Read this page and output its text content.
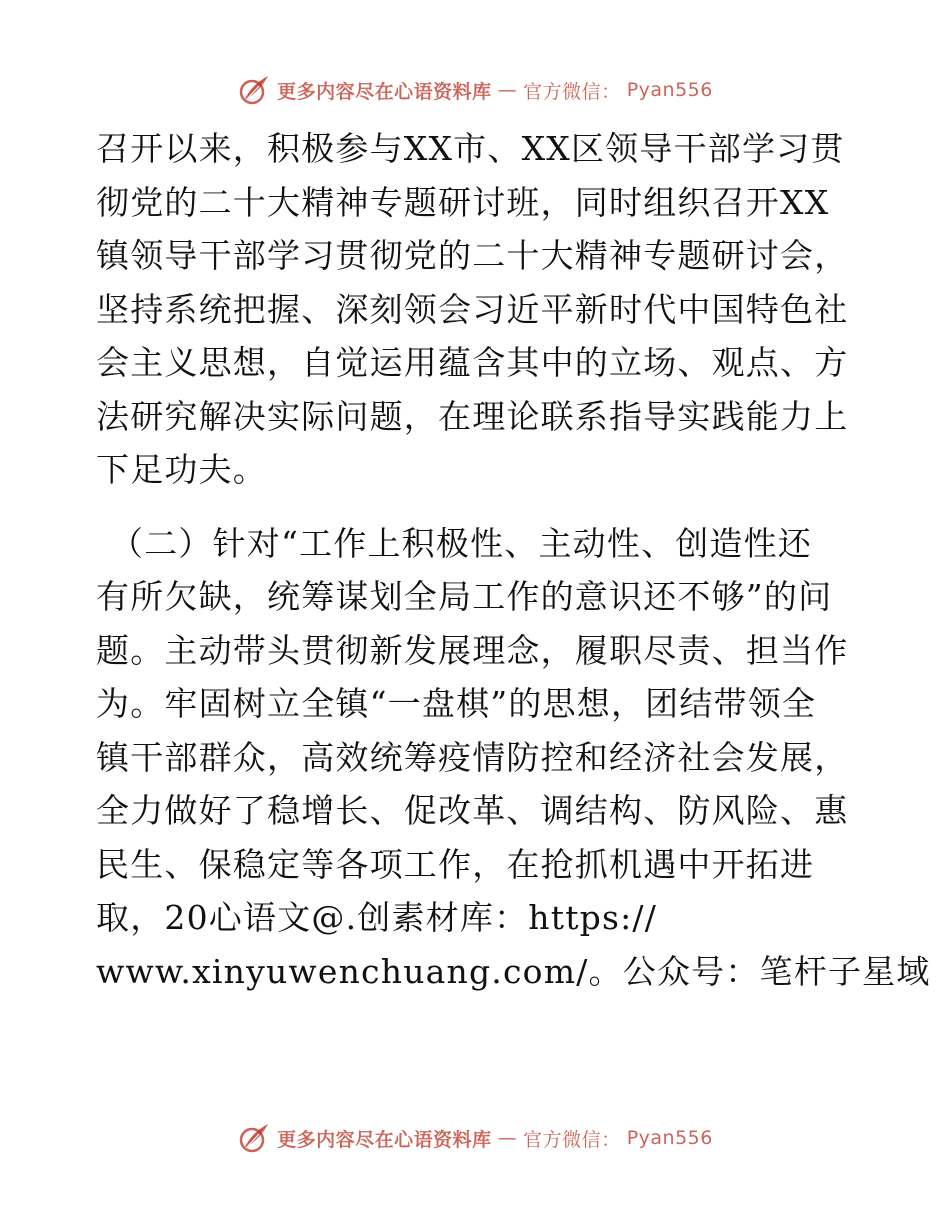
更多内容尽在心语资料库 — 官方微信： Pyan556
召开以来，积极参与XX市、XX区领导干部学习贯
彻党的二十大精神专题研讨班，同时组织召开XX
镇领导干部学习贯彻党的二十大精神专题研讨会，
坚持系统把握、深刻领会习近平新时代中国特色社
会主义思想，自觉运用蕴含其中的立场、观点、方
法研究解决实际问题，在理论联系指导实践能力上
下足功夫。
（二）针对“工作上积极性、主动性、创造性还
有所欠缺，统筹谋划全局工作的意识还不够”的问
题。主动带头贯彻新发展理念，履职尽责、担当作
为。牢固树立全镇“一盘棋”的思想，团结带领全
镇干部群众，高效统筹疫情防控和经济社会发展，
全力做好了稳增长、促改革、调结构、防风险、惠
民生、保稳定等各项工作，在抢抓机遇中开拓进
取，20心语文@.创素材库：https://
www.xinyuwenchuang.com/。公众号：笔杆子星域
更多内容尽在心语资料库 — 官方微信： Pyan556
